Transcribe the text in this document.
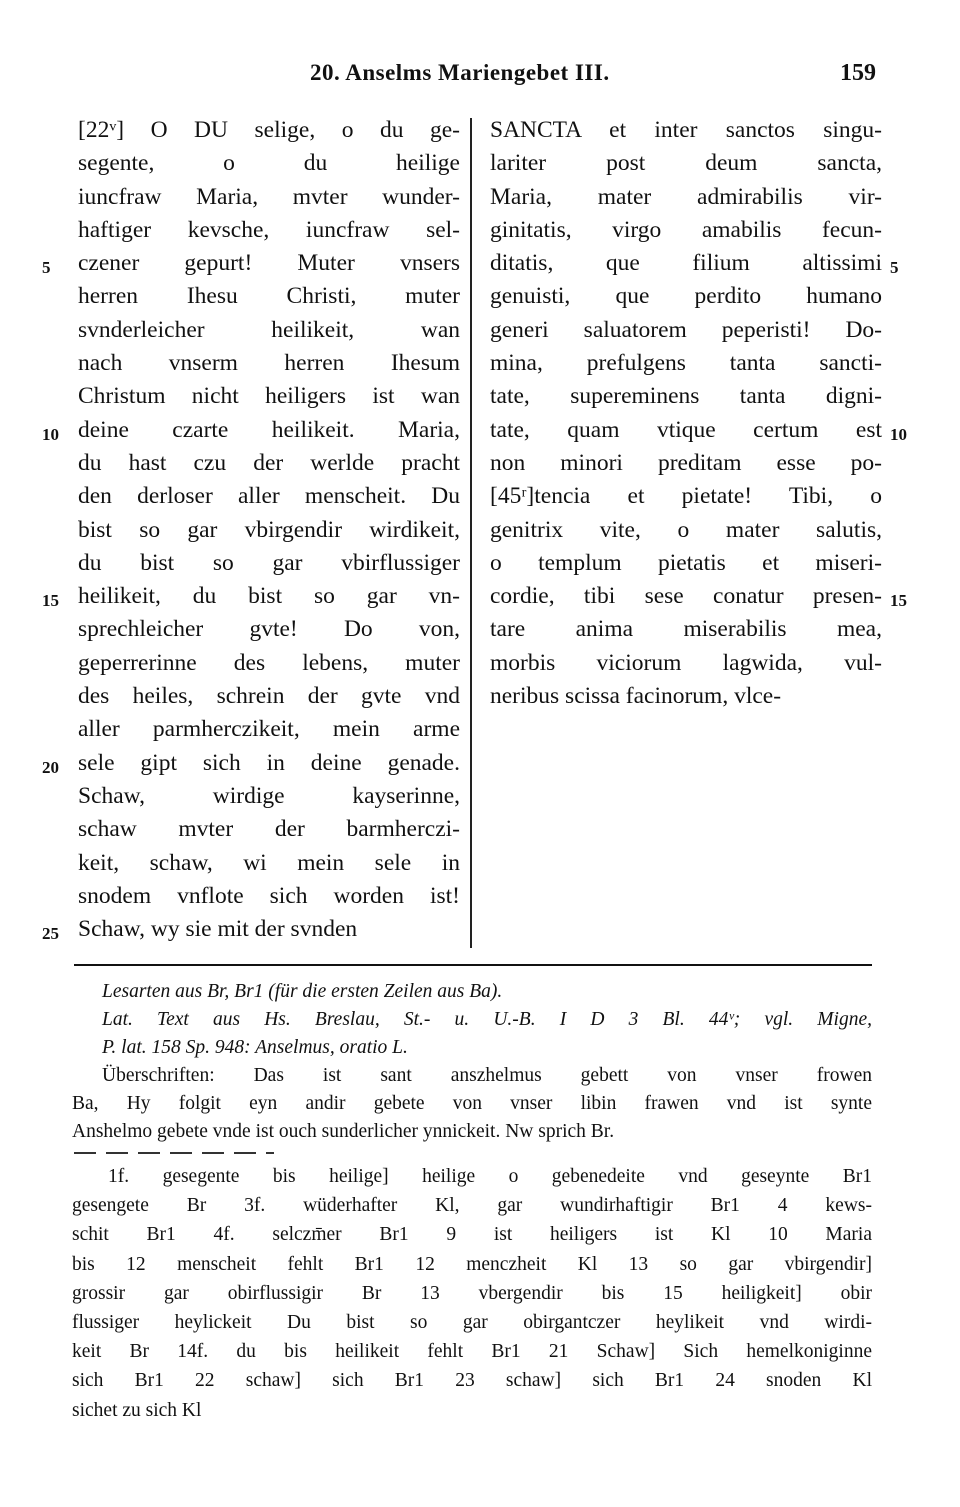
20. Anselms Mariengebet III.	159
[22ᵛ] O DU selige, o du ge-
segente, o du heilige
iuncfraw Maria, mvter wunder-
haftiger kevsche, iuncfraw sel-
czener gepurt! Muter vnsers
5
herren Ihesu Christi, muter
svnderleicher heilikeit, wan
nach vnserm herren Ihesum
Christum nicht heiligers ist wan
deine czarte heilikeit. Maria,
10
du hast czu der werlde pracht
den derloser aller menscheit. Du
bist so gar vbirgendir wirdikeit,
du bist so gar vbirflussiger
heilikeit, du bist so gar vn-
15
sprechleicher gvte! Do von,
geperrerinne des lebens, muter
des heiles, schrein der gvte vnd
aller parmherczikeit, mein arme
sele gipt sich in deine genade.
20
Schaw, wirdige kayserinne,
schaw mvter der barmherczi-
keit, schaw, wi mein sele in
snodem vnflote sich worden ist!
Schaw, wy sie mit der svnden
25
SANCTA et inter sanctos singu-
lariter post deum sancta,
Maria, mater admirabilis vir-
ginitatis, virgo amabilis fecun-
ditatis, que filium altissimi 5
genuisti, que perdito humano
generi saluatorem peperisti! Do-
mina, prefulgens tanta sancti-
tate, supereminens tanta digni-
tate, quam vtique certum est 10
non minori preditam esse po-
[45ʳ]tencia et pietate! Tibi, o
genitrix vite, o mater salutis,
o templum pietatis et miseri-
cordie, tibi sese conatur presen- 15
tare anima miserabilis mea,
morbis viciorum lagwida, vul-
neribus scissa facinorum, vlce-
Lesarten aus Br, Br1 (für die ersten Zeilen aus Ba).
Lat. Text aus Hs. Breslau, St.- u. U.-B. I D 3 Bl. 44ᵛ; vgl. Migne,
P. lat. 158 Sp. 948: Anselmus, oratio L.
Überschriften: Das ist sant anszhelmus gebett von vnser frowen
Ba, Hy folgit eyn andir gebete von vnser libin frawen vnd ist synte
Anshelmo gebete vnde ist ouch sunderlicher ynnickeit. Nw sprich Br.
1f. gesegente bis heilige] heilige o gebenedeite vnd geseynte Br1
gesengete Br 3f. wüderhafter Kl, gar wundirhaftigir Br1 4 kews-
schit Br1 4f. selczm̄er Br1 9 ist heiligers ist Kl 10 Maria
bis 12 menscheit fehlt Br1 12 menczheit Kl 13 so gar vbirgendir]
grossir gar obirflussigir Br 13 vbergendir bis 15 heiligkeit] obir
flussiger heylickeit Du bist so gar obirgantczer heylikeit vnd wirdi-
keit Br 14f. du bis heilikeit fehlt Br1 21 Schaw] Sich hemelkoniginne
sich Br1 22 schaw] sich Br1 23 schaw] sich Br1 24 snoden Kl
sichet zu sich Kl
